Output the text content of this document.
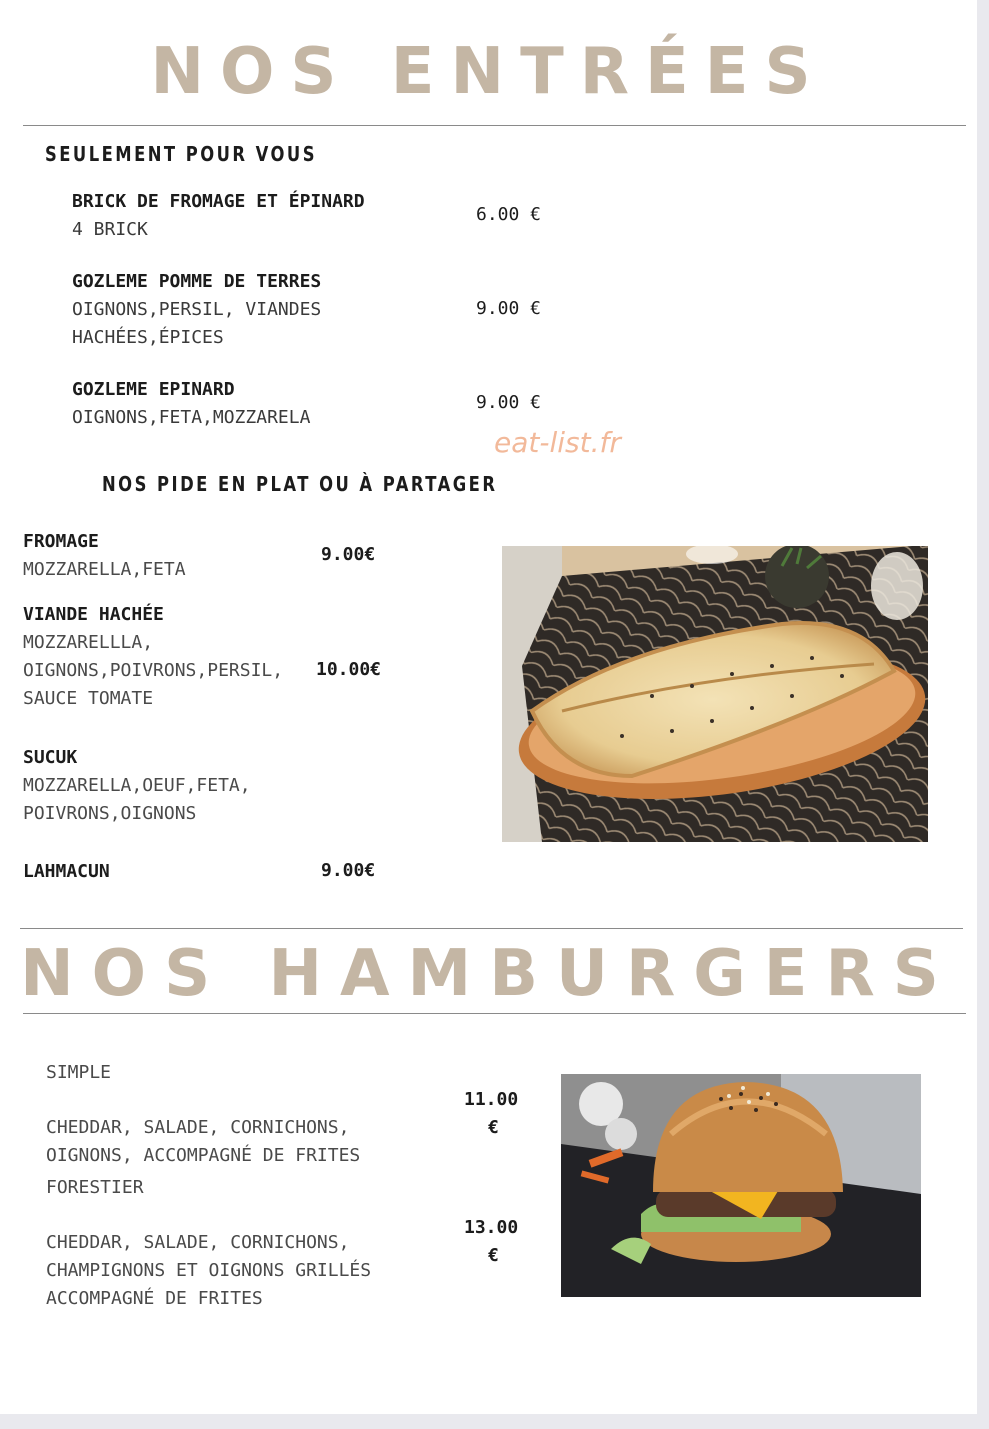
NOS ENTRÉES
SEULEMENT POUR VOUS
BRICK DE FROMAGE ET ÉPINARD
4 BRICK
6.00 €
GOZLEME POMME DE TERRES
OIGNONS,PERSIL, VIANDES
HACHÉES,ÉPICES
9.00 €
GOZLEME EPINARD
OIGNONS,FETA,MOZZARELA
9.00 €
eat-list.fr
NOS PIDE EN PLAT OU À PARTAGER
FROMAGE
MOZZARELLA,FETA
9.00€
VIANDE HACHÉE
MOZZARELLLA,
OIGNONS,POIVRONS,PERSIL,
SAUCE TOMATE
10.00€
SUCUK
MOZZARELLA,OEUF,FETA,
POIVRONS,OIGNONS
LAHMACUN	9.00€
NOS HAMBURGERS
SIMPLE
CHEDDAR, SALADE, CORNICHONS,
OIGNONS, ACCOMPAGNÉ DE FRITES
11.00
€
FORESTIER
CHEDDAR, SALADE, CORNICHONS,
CHAMPIGNONS ET OIGNONS GRILLÉS
ACCOMPAGNÉ DE FRITES
13.00
€
